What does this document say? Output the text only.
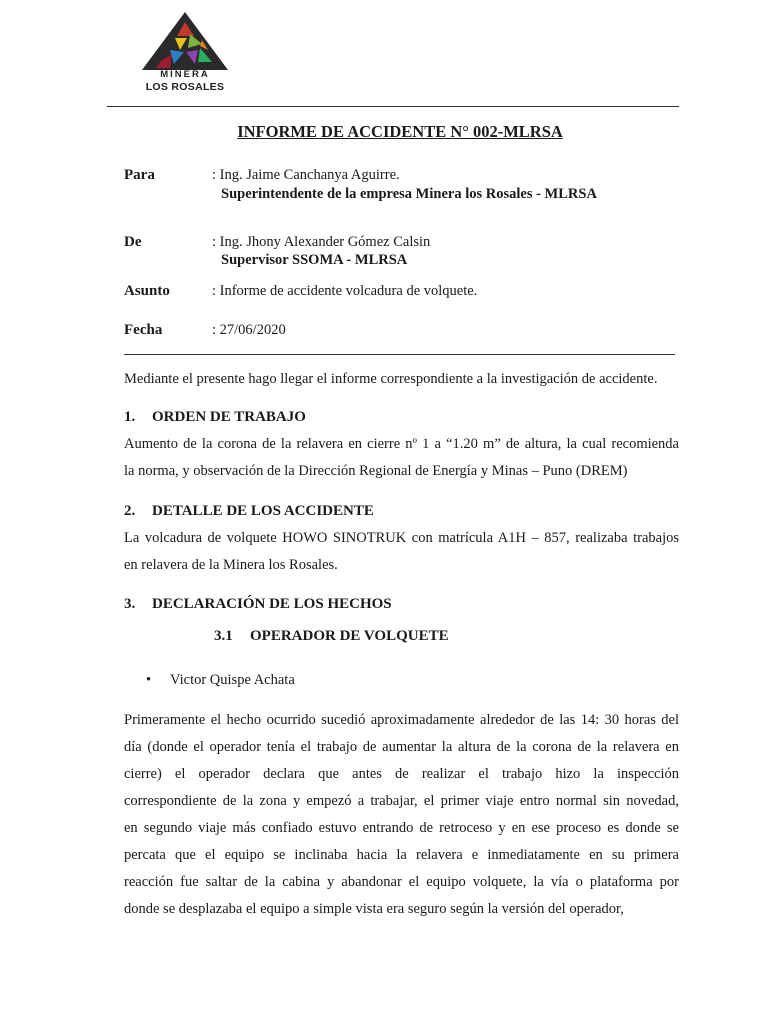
MINERA
LOS ROSALES
INFORME DE ACCIDENTE N° 002-MLRSA
Para	: Ing. Jaime Canchanya Aguirre.
Superintendente de la empresa Minera los Rosales - MLRSA
De	: Ing. Jhony Alexander Gómez Calsin
Supervisor SSOMA - MLRSA
Asunto	: Informe de accidente volcadura de volquete.
Fecha	: 27/06/2020
Mediante el presente hago llegar el informe correspondiente a la investigación de accidente.
1. ORDEN DE TRABAJO
Aumento de la corona de la relavera en cierre nº 1 a “1.20 m” de altura, la cual recomienda
la norma, y observación de la Dirección Regional de Energía y Minas – Puno (DREM)
2. DETALLE DE LOS ACCIDENTE
La volcadura de volquete HOWO SINOTRUK con matrícula A1H – 857, realizaba trabajos
en relavera de la Minera los Rosales.
3. DECLARACIÓN DE LOS HECHOS
3.1 OPERADOR DE VOLQUETE
• Victor Quispe Achata
Primeramente el hecho ocurrido sucedió aproximadamente alrededor de las 14: 30 horas del
día (donde el operador tenía el trabajo de aumentar la altura de la corona de la relavera en
cierre) el operador declara que antes de realizar el trabajo hizo la inspección
correspondiente de la zona y empezó a trabajar, el primer viaje entro normal sin novedad,
en segundo viaje más confiado estuvo entrando de retroceso y en ese proceso es donde se
percata que el equipo se inclinaba hacia la relavera e inmediatamente en su primera
reacción fue saltar de la cabina y abandonar el equipo volquete, la vía o plataforma por
donde se desplazaba el equipo a simple vista era seguro según la versión del operador,
